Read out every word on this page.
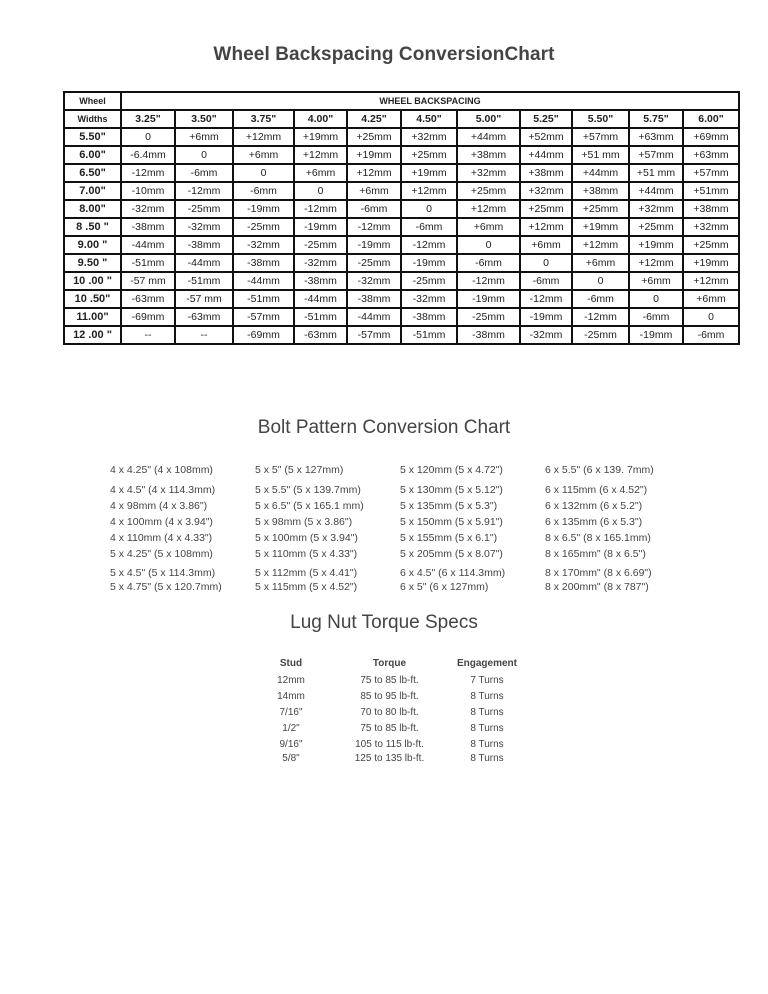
Wheel Backspacing ConversionChart
Wheel	WHEEL BACKSPACING										
Widths	3.25"	3.50"	3.75"	4.00"	4.25"	4.50"	5.00"	5.25"	5.50"	5.75"	6.00"
5.50"	0	+6mm	+12mm	+19mm	+25mm	+32mm	+44mm	+52mm	+57mm	+63mm	+69mm
6.00"	-6.4mm	0	+6mm	+12mm	+19mm	+25mm	+38mm	+44mm	+51 mm	+57mm	+63mm
6.50"	-12mm	-6mm	0	+6mm	+12mm	+19mm	+32mm	+38mm	+44mm	+51 mm	+57mm
7.00"	-10mm	-12mm	-6mm	0	+6mm	+12mm	+25mm	+32mm	+38mm	+44mm	+51mm
8.00"	-32mm	-25mm	-19mm	-12mm	-6mm	0	+12mm	+25mm	+25mm	+32mm	+38mm
8 .50 "	-38mm	-32mm	-25mm	-19mm	-12mm	-6mm	+6mm	+12mm	+19mm	+25mm	+32mm
9.00 "	-44mm	-38mm	-32mm	-25mm	-19mm	-12mm	0	+6mm	+12mm	+19mm	+25mm
9.50 "	-51mm	-44mm	-38mm	-32mm	-25mm	-19mm	-6mm	0	+6mm	+12mm	+19mm
10 .00 "	-57 mm	-51mm	-44mm	-38mm	-32mm	-25mm	-12mm	-6mm	0	+6mm	+12mm
10 .50"	-63mm	-57 mm	-51mm	-44mm	-38mm	-32mm	-19mm	-12mm	-6mm	0	+6mm
11.00"	-69mm	-63mm	-57mm	-51mm	-44mm	-38mm	-25mm	-19mm	-12mm	-6mm	0
12 .00 "	--	--	-69mm	-63mm	-57mm	-51mm	-38mm	-32mm	-25mm	-19mm	-6mm
Bolt Pattern Conversion Chart
4 x 4.25" (4 x 108mm)
4 x 4.5" (4 x 114.3mm)
4 x 98mm (4 x 3.86")
4 x 100mm (4 x 3.94")
4 x 110mm (4 x 4.33")
5 x 4.25" (5 x 108mm)
5 x 4.5" (5 x 114.3mm)
5 x 4.75" (5 x 120.7mm)
5 x 5" (5 x 127mm)
5 x 5.5" (5 x 139.7mm)
5 x 6.5" (5 x 165.1 mm)
5 x 98mm (5 x 3.86")
5 x 100mm (5 x 3.94")
5 x 110mm (5 x 4.33")
5 x 112mm (5 x 4.41")
5 x 115mm (5 x 4.52")
5 x 120mm (5 x 4.72")
5 x 130mm (5 x 5.12")
5 x 135mm (5 x 5.3")
5 x 150mm (5 x 5.91")
5 x 155mm (5 x 6.1")
5 x 205mm (5 x 8.07")
6 x 4.5" (6 x 114.3mm)
6 x 5" (6 x 127mm)
6 x 5.5" (6 x 139. 7mm)
6 x 115mm (6 x 4.52")
6 x 132mm (6 x 5.2")
6 x 135mm (6 x 5.3")
8 x 6.5" (8 x 165.1mm)
8 x 165mm" (8 x 6.5")
8 x 170mm" (8 x 6.69")
8 x 200mm" (8 x 787")
Lug Nut Torque Specs
Stud	Torque	Engagement
12mm	75 to 85 lb-ft.	7 Turns
14mm	85 to 95 lb-ft.	8 Turns
7/16"	70 to 80 lb-ft.	8 Turns
1/2"	75 to 85 lb-ft.	8 Turns
9/16"	105 to 115 lb-ft.	8 Turns
5/8"	125 to 135 lb-ft.	8 Turns
